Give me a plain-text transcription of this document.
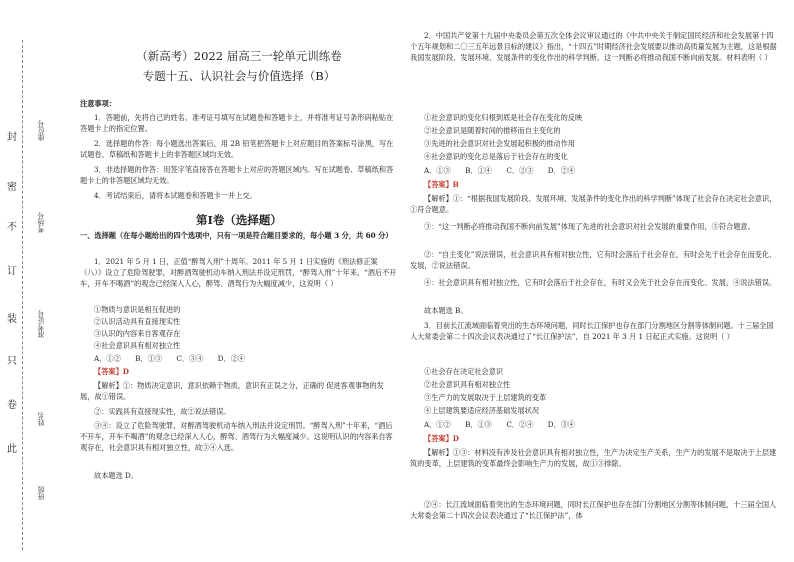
封
密
不
订
装
只
卷
此
座位号
考场号
准考证号
姓名
班级
（新高考）2022 届高三一轮单元训练卷
专题十五、认识社会与价值选择（B）
注意事项：
1．答题前，先将自己的姓名、准考证号填写在试题卷和答题卡上，并将准考证号条形码粘贴在答题卡上的指定位置。
2．选择题的作答：每小题选出答案后，用 2B 铅笔把答题卡上对应题目的答案标号涂黑，写在试题卷、草稿纸和答题卡上的非答题区域均无效。
3．非选择题的作答：用签字笔直接答在答题卡上对应的答题区域内。写在试题卷、草稿纸和答题卡上的非答题区域均无效。
4．考试结束后，请将本试题卷和答题卡一并上交。
第Ⅰ卷（选择题）
一、选择题（在每小题给出的四个选项中，只有一项是符合题目要求的，每小题 3 分，共 60 分）
1．2021 年 5 月 1 日，正值“醉驾入刑”十周年。2011 年 5 月 1 日实施的《刑法修正案（八）》设立了危险驾驶罪，对醉酒驾驶机动车纳入刑法并设定刑罚，“醉驾入刑”十年来，“酒后不开车，开车不喝酒”的观念已经深入人心，醉驾、酒驾行为大幅度减少，这说明（ ）
①物质与意识是相互促进的
②认识活动具有直接现实性
③认识的内容来自客观存在
④社会意识具有相对独立性
A．①②　　B．①③　　C．③④　　D．②④
【答案】D
【解析】①：物质决定意识，意识依赖于物质，意识有正误之分，正确的 促进客观事物的发展，故①错误。
②：实践具有直接现实性，故②说法错误。
③④：设立了危险驾驶罪，对醉酒驾驶机动车纳入刑法并设定刑罚。“醉驾入刑”十年来，“酒后不开车，开车不喝酒”的观念已经深入人心，醉驾、酒驾行为大幅度减少。这说明认识的内容来自客观存在，社会意识具有相对独立性，故③④入选。
故本题选 D。
2．中国共产党第十九届中央委员会第五次全体会议审议通过的《中共中央关于制定国民经济和社会发展第十四个五年规划和二〇三五年远景目标的建议》指出，“十四五”时期经济社会发展要以推动高质量发展为主题，这是根据我国发展阶段、发展环境、发展条件的变化作出的科学判断。这一判断必将推动我国不断向前发展。材料表明（ ）
①社会意识的变化归根到底是社会存在变化的反映
②社会意识是随着时间的推移而自主变化的
③先进的社会意识对社会发展起积极的推动作用
④社会意识的变化总是落后于社会存在的变化
A．①③　　B．①④　　C．②③　　D．②④
【答案】B
【解析】①：“根据我国发展阶段、发展环境、发展条件的变化作出的科学判断”体现了社会存在决定社会意识，①符合题意。
③：“这一判断必将推动我国不断向前发展”体现了先进的社会意识对社会发展的重要作用，③符合题意。
②：“自主变化”说法错误，社会意识具有相对独立性，它有时会落后于社会存在，有时会先于社会存在而变化、发展，②说法错误。
④：社会意识具有相对独立性，它有时会落后于社会存在，有时又会先于社会存在而变化、发展，④说法错误。
故本题选 B。
3．目前长江流域面临着突出的生态环境问题，同时长江保护也存在部门分割地区分割等体制问题。十三届全国人大常委会第二十四次会议表决通过了“长江保护法”，自 2021 年 3 月 1 日起正式实施。这说明（ ）
①社会存在决定社会意识
②社会意识具有相对独立性
③生产力的发展取决于上层建筑的变革
④上层建筑要适应经济基础发展状况
A．①②　　B．①③　　C．②④　　D．③④
【答案】D
【解析】①③：材料没有涉及社会意识具有相对独立性，生产力决定生产关系，生产力的发展不是取决于上层建筑的变革，上层建筑的变革最终会影响生产力的发展，故①③排除。
②④：长江流域面临着突出的生态环境问题，同时长江保护也存在部门分割地区分割等体制问题，十三届全国人大常委会第二十四次会议表决通过了“长江保护法”，体
